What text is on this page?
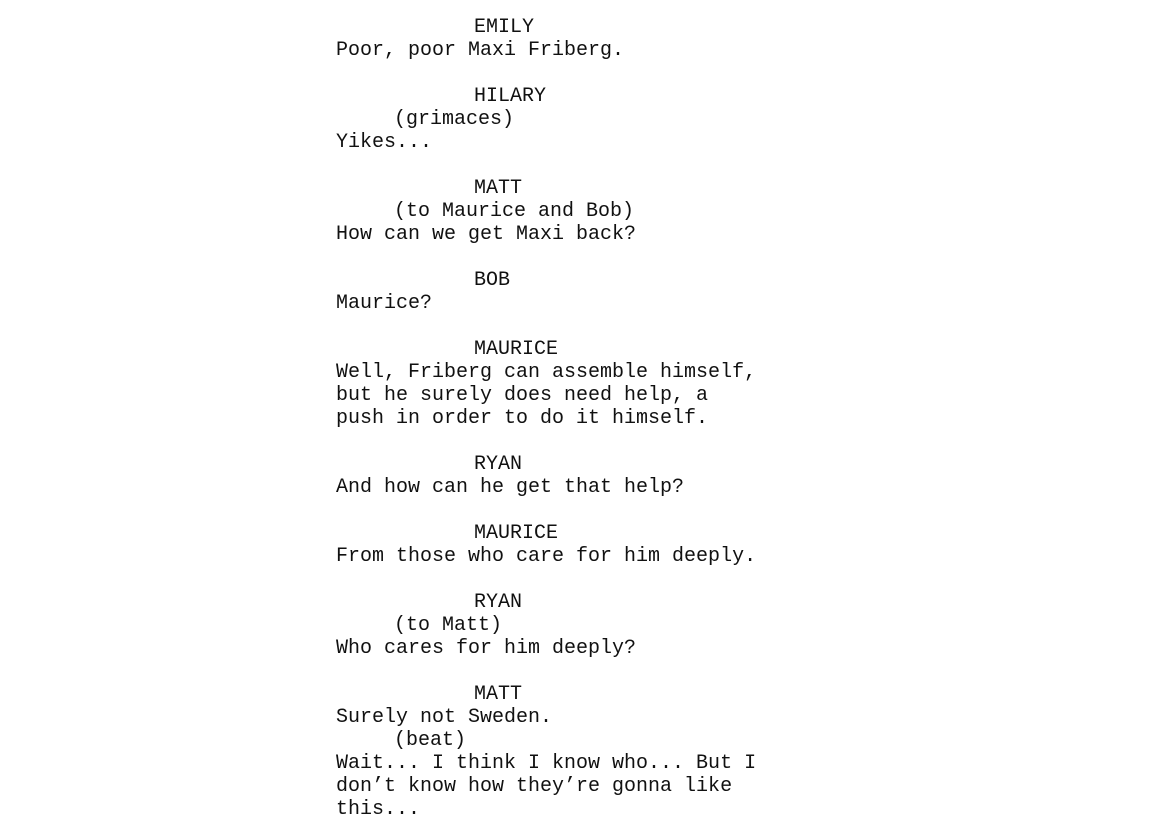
EMILY
Poor, poor Maxi Friberg.
HILARY
(grimaces)
Yikes...
MATT
(to Maurice and Bob)
How can we get Maxi back?
BOB
Maurice?
MAURICE
Well, Friberg can assemble himself,
but he surely does need help, a
push in order to do it himself.
RYAN
And how can he get that help?
MAURICE
From those who care for him deeply.
RYAN
(to Matt)
Who cares for him deeply?
MATT
Surely not Sweden.
(beat)
Wait... I think I know who... But I
don’t know how they’re gonna like
this...
